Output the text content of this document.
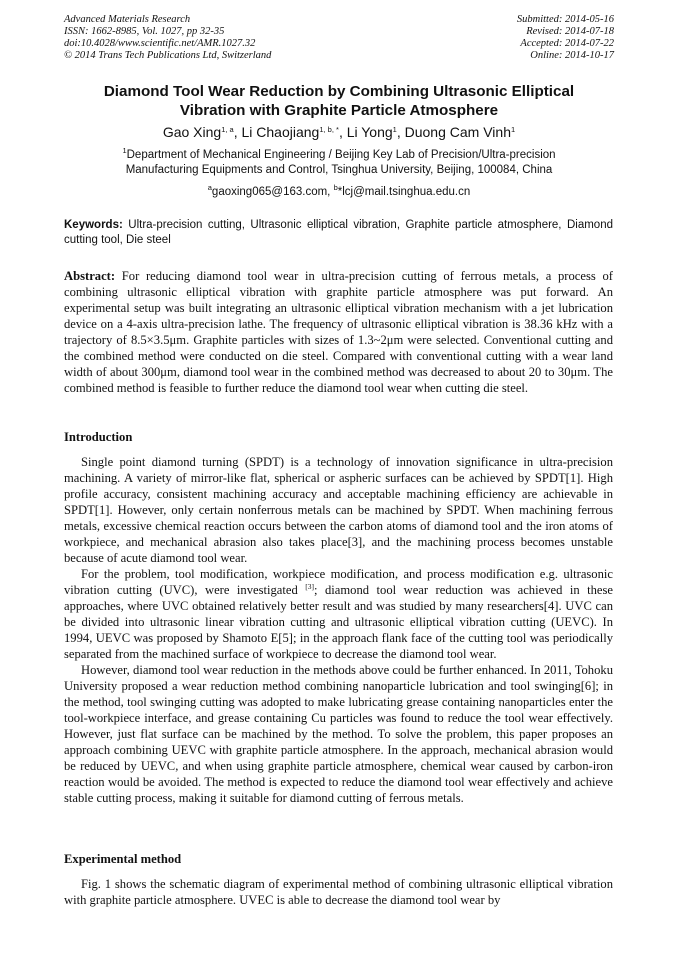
Advanced Materials Research
ISSN: 1662-8985, Vol. 1027, pp 32-35
doi:10.4028/www.scientific.net/AMR.1027.32
© 2014 Trans Tech Publications Ltd, Switzerland
Submitted: 2014-05-16
Revised: 2014-07-18
Accepted: 2014-07-22
Online: 2014-10-17
Diamond Tool Wear Reduction by Combining Ultrasonic Elliptical
Vibration with Graphite Particle Atmosphere
Gao Xing$^{1, a}$, Li Chaojiang$^{1, b, *}$, Li Yong$^1$, Duong Cam Vinh$^1$
$^1$Department of Mechanical Engineering / Beijing Key Lab of Precision/Ultra-precision
Manufacturing Equipments and Control, Tsinghua University, Beijing, 100084, China
$^a$gaoxing065@163.com, $^b$*lcj@mail.tsinghua.edu.cn
Keywords: Ultra-precision cutting, Ultrasonic elliptical vibration, Graphite particle atmosphere, Diamond cutting tool, Die steel
Abstract: For reducing diamond tool wear in ultra-precision cutting of ferrous metals, a process of combining ultrasonic elliptical vibration with graphite particle atmosphere was put forward. An experimental setup was built integrating an ultrasonic elliptical vibration mechanism with a jet lubrication device on a 4-axis ultra-precision lathe. The frequency of ultrasonic elliptical vibration is 38.36 kHz with a trajectory of 8.5×3.5μm. Graphite particles with sizes of 1.3~2μm were selected. Conventional cutting and the combined method were conducted on die steel. Compared with conventional cutting with a wear land width of about 300μm, diamond tool wear in the combined method was decreased to about 20 to 30μm. The combined method is feasible to further reduce the diamond tool wear when cutting die steel.
Introduction

Single point diamond turning (SPDT) is a technology of innovation significance in ultra-precision machining. A variety of mirror-like flat, spherical or aspheric surfaces can be achieved by SPDT[1]. High profile accuracy, consistent machining accuracy and acceptable machining efficiency are achievable in SPDT[1]. However, only certain nonferrous metals can be machined by SPDT. When machining ferrous metals, excessive chemical reaction occurs between the carbon atoms of diamond tool and the iron atoms of workpiece, and mechanical abrasion also takes place[3], and the machining process becomes unstable because of acute diamond tool wear.

For the problem, tool modification, workpiece modification, and process modification e.g. ultrasonic vibration cutting (UVC), were investigated [3]; diamond tool wear reduction was achieved in these approaches, where UVC obtained relatively better result and was studied by many researchers[4]. UVC can be divided into ultrasonic linear vibration cutting and ultrasonic elliptical vibration cutting (UEVC). In 1994, UEVC was proposed by Shamoto E[5]; in the approach flank face of the cutting tool was periodically separated from the machined surface of workpiece to decrease the diamond tool wear.

However, diamond tool wear reduction in the methods above could be further enhanced. In 2011, Tohoku University proposed a wear reduction method combining nanoparticle lubrication and tool swinging[6]; in the method, tool swinging cutting was adopted to make lubricating grease containing nanoparticles enter the tool-workpiece interface, and grease containing Cu particles was found to reduce the tool wear effectively. However, just flat surface can be machined by the method. To solve the problem, this paper proposes an approach combining UEVC with graphite particle atmosphere. In the approach, mechanical abrasion would be reduced by UEVC, and when using graphite particle atmosphere, chemical wear caused by carbon-iron reaction would be avoided. The method is expected to reduce the diamond tool wear effectively and achieve stable cutting process, making it suitable for diamond cutting of ferrous metals.

Experimental method

Fig. 1 shows the schematic diagram of experimental method of combining ultrasonic elliptical vibration with graphite particle atmosphere. UVEC is able to decrease the diamond tool wear by
